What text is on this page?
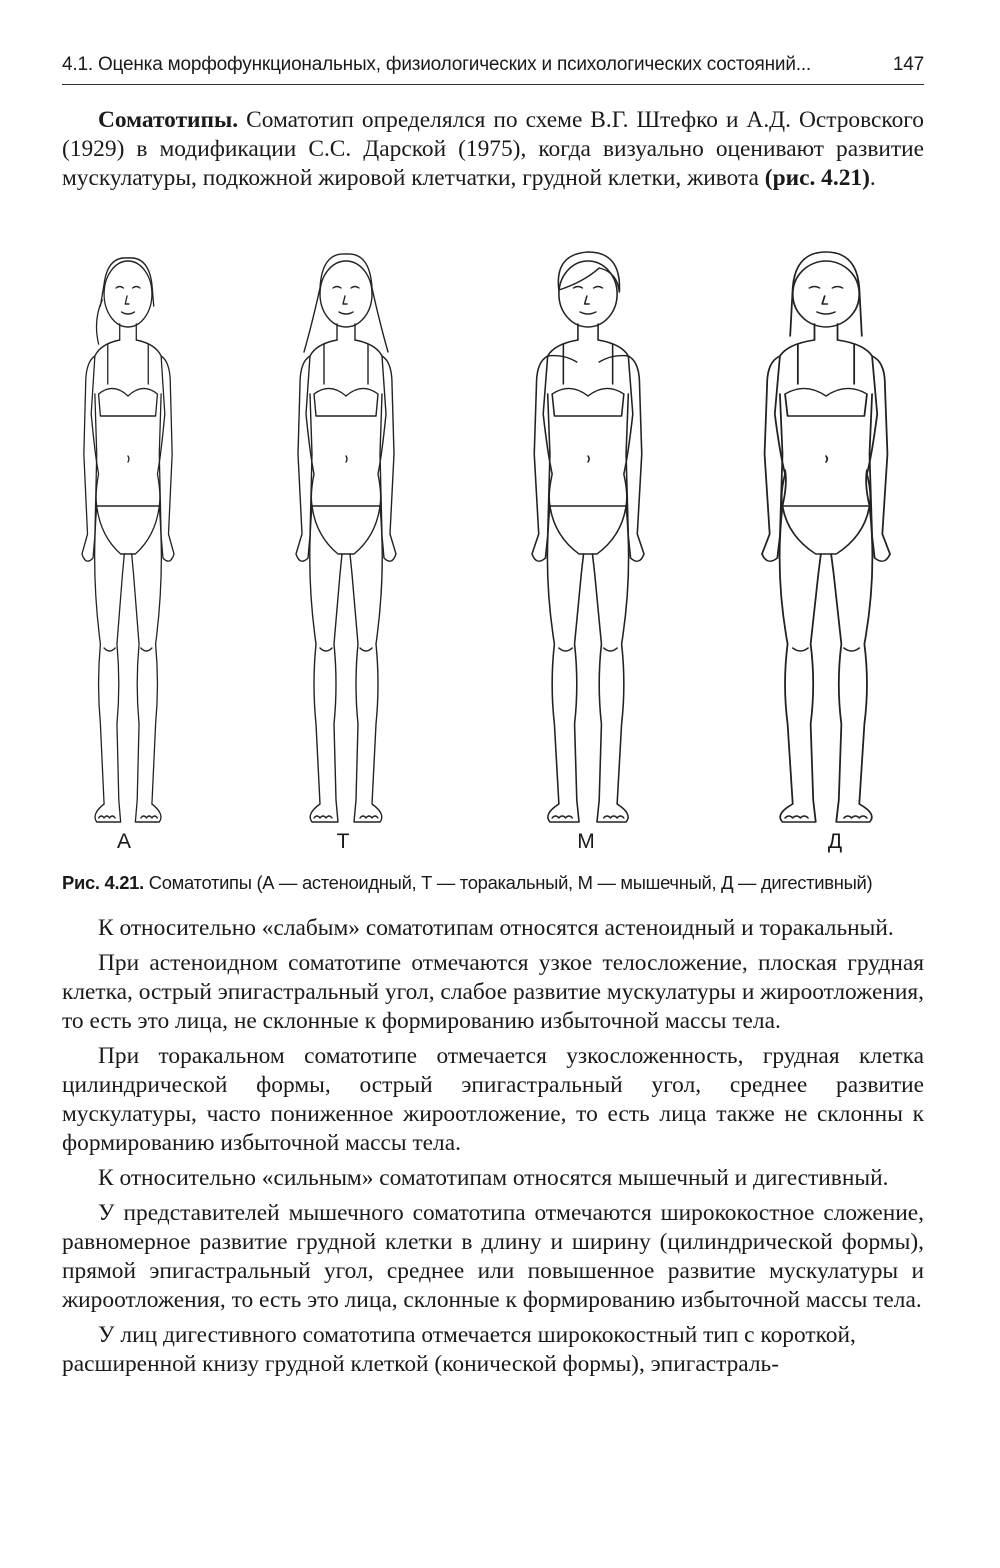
4.1. Оценка морфофункциональных, физиологических и психологических состояний...	147

Соматотипы. Соматотип определялся по схеме В.Г. Штефко и А.Д. Островского (1929) в модификации С.С. Дарской (1975), когда визуально оценивают развитие мускулатуры, подкожной жировой клетчатки, грудной клетки, живота (рис. 4.21).

А	Т	М	Д
Рис. 4.21. Соматотипы (А — астеноидный, Т — торакальный, М — мышечный, Д — дигестивный)

К относительно «слабым» соматотипам относятся астеноидный и торакальный.

При астеноидном соматотипе отмечаются узкое телосложение, плоская грудная клетка, острый эпигастральный угол, слабое развитие мускулатуры и жироотложения, то есть это лица, не склонные к формированию избыточной массы тела.

При торакальном соматотипе отмечается узкосложенность, грудная клетка цилиндрической формы, острый эпигастральный угол, среднее развитие мускулатуры, часто пониженное жироотложение, то есть лица также не склонны к формированию избыточной массы тела.

К относительно «сильным» соматотипам относятся мышечный и дигестивный.

У представителей мышечного соматотипа отмечаются ширококостное сложение, равномерное развитие грудной клетки в длину и ширину (цилиндрической формы), прямой эпигастральный угол, среднее или повышенное развитие мускулатуры и жироотложения, то есть это лица, склонные к формированию избыточной массы тела.

У лиц дигестивного соматотипа отмечается ширококостный тип с короткой, расширенной книзу грудной клеткой (конической формы), эпигастраль-
